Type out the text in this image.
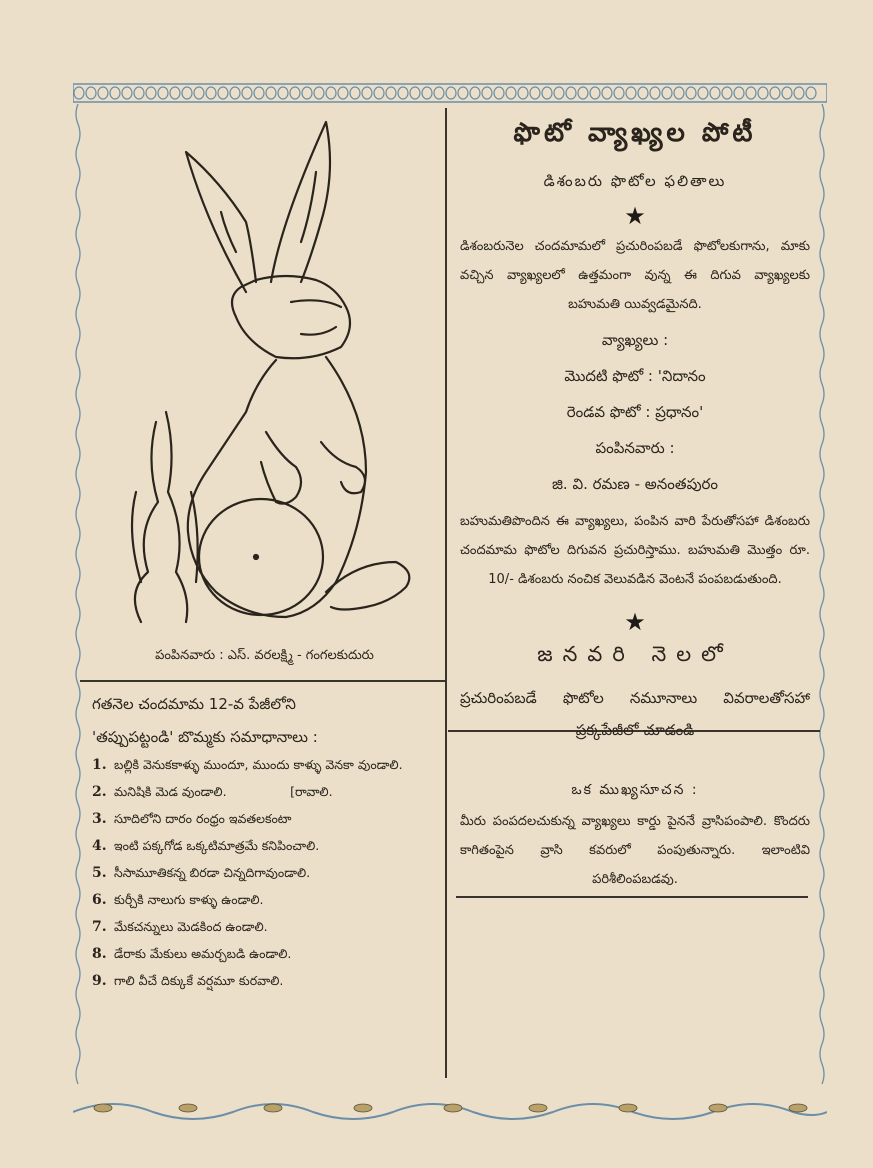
పంపినవారు : ఎస్. వరలక్ష్మి - గంగలకుదురు
గతనెల చందమామ 12-వ పేజీలోని
'తప్పుపట్టండి' బొమ్మకు సమాధానాలు :
1. బల్లికి వెనుకకాళ్ళు ముందూ, ముందు కాళ్ళు వెనకా వుండాలి.
2. మనిషికి మెడ వుండాలి.                [రావాలి.
3. సూదిలోని దారం రంధ్రం ఇవతలకంటా
4. ఇంటి పక్కగోడ ఒక్కటిమాత్రమే కనిపించాలి.
5. సీసామూతికన్న బిరడా చిన్నదిగావుండాలి.
6. కుర్చీకి నాలుగు కాళ్ళు ఉండాలి.
7. మేకచన్నులు మెడకింద ఉండాలి.
8. డేరాకు మేకులు అమర్చబడి ఉండాలి.
9. గాలి వీచే దిక్కుకే వర్షమూ కురవాలి.
ఫొటో వ్యాఖ్యల పోటీ
డిశంబరు ఫొటోల ఫలితాలు
★

డిశంబరునెల చందమామలో ప్రచురింపబడే ఫొటోలకుగాను, మాకు వచ్చిన వ్యాఖ్యలలో ఉత్తమంగా వున్న ఈ దిగువ వ్యాఖ్యలకు బహుమతి యివ్వడమైనది.

వ్యాఖ్యలు :
మొదటి ఫొటో : 'నిదానం
రెండవ ఫొటో : ప్రధానం'
పంపినవారు :
జి. వి. రమణ - అనంతపురం

బహుమతిపొందిన ఈ వ్యాఖ్యలు, పంపిన వారి పేరుతోసహా డిశంబరు చందమామ ఫొటోల దిగువన ప్రచురిస్తాము. బహుమతి మొత్తం రూ. 10/- డిశంబరు నంచిక వెలువడిన వెంటనే పంపబడుతుంది.

★
జనవరి నెలలో

ప్రచురింపబడే ఫొటోల నమూనాలు వివరాలతోసహా ప్రక్కపేజీలో చూడండి

ఒక ముఖ్యసూచన :

మీరు పంపదలచుకున్న వ్యాఖ్యలు కార్డు పైననే వ్రాసిపంపాలి. కొందరు కాగితంపైన వ్రాసి కవరులో పంపుతున్నారు. ఇలాంటివి పరిశీలింపబడవు.
